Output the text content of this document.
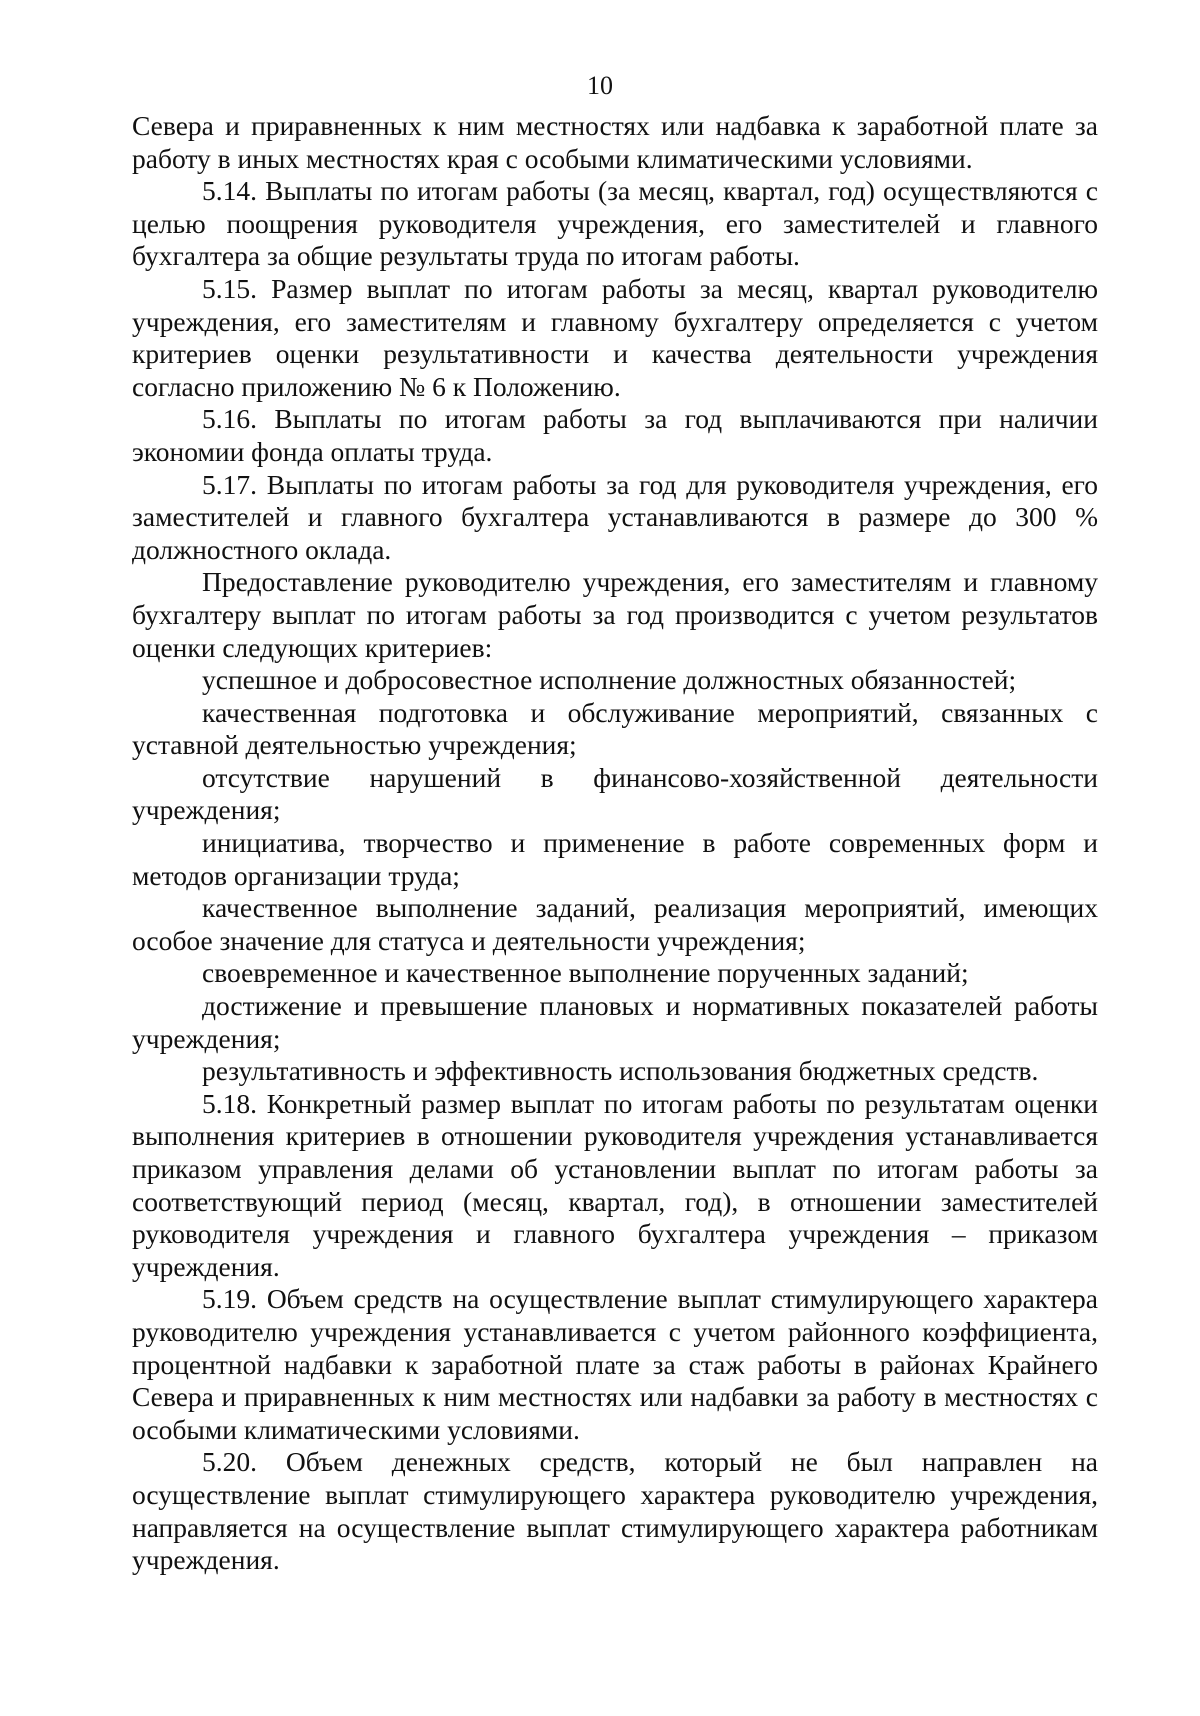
10

Севера и приравненных к ним местностях или надбавка к заработной плате за работу в иных местностях края с особыми климатическими условиями.

5.14. Выплаты по итогам работы (за месяц, квартал, год) осуществляются с целью поощрения руководителя учреждения, его заместителей и главного бухгалтера за общие результаты труда по итогам работы.

5.15. Размер выплат по итогам работы за месяц, квартал руководителю учреждения, его заместителям и главному бухгалтеру определяется с учетом критериев оценки результативности и качества деятельности учреждения согласно приложению № 6 к Положению.

5.16. Выплаты по итогам работы за год выплачиваются при наличии экономии фонда оплаты труда.

5.17. Выплаты по итогам работы за год для руководителя учреждения, его заместителей и главного бухгалтера устанавливаются в размере до 300 % должностного оклада.

Предоставление руководителю учреждения, его заместителям и главному бухгалтеру выплат по итогам работы за год производится с учетом результатов оценки следующих критериев:

успешное и добросовестное исполнение должностных обязанностей;

качественная подготовка и обслуживание мероприятий, связанных с уставной деятельностью учреждения;

отсутствие нарушений в финансово-хозяйственной деятельности учреждения;

инициатива, творчество и применение в работе современных форм и методов организации труда;

качественное выполнение заданий, реализация мероприятий, имеющих особое значение для статуса и деятельности учреждения;

своевременное и качественное выполнение порученных заданий;

достижение и превышение плановых и нормативных показателей работы учреждения;

результативность и эффективность использования бюджетных средств.

5.18. Конкретный размер выплат по итогам работы по результатам оценки выполнения критериев в отношении руководителя учреждения устанавливается приказом управления делами об установлении выплат по итогам работы за соответствующий период (месяц, квартал, год), в отношении заместителей руководителя учреждения и главного бухгалтера учреждения – приказом учреждения.

5.19. Объем средств на осуществление выплат стимулирующего характера руководителю учреждения устанавливается с учетом районного коэффициента, процентной надбавки к заработной плате за стаж работы в районах Крайнего Севера и приравненных к ним местностях или надбавки за работу в местностях с особыми климатическими условиями.

5.20. Объем денежных средств, который не был направлен на осуществление выплат стимулирующего характера руководителю учреждения, направляется на осуществление выплат стимулирующего характера работникам учреждения.
